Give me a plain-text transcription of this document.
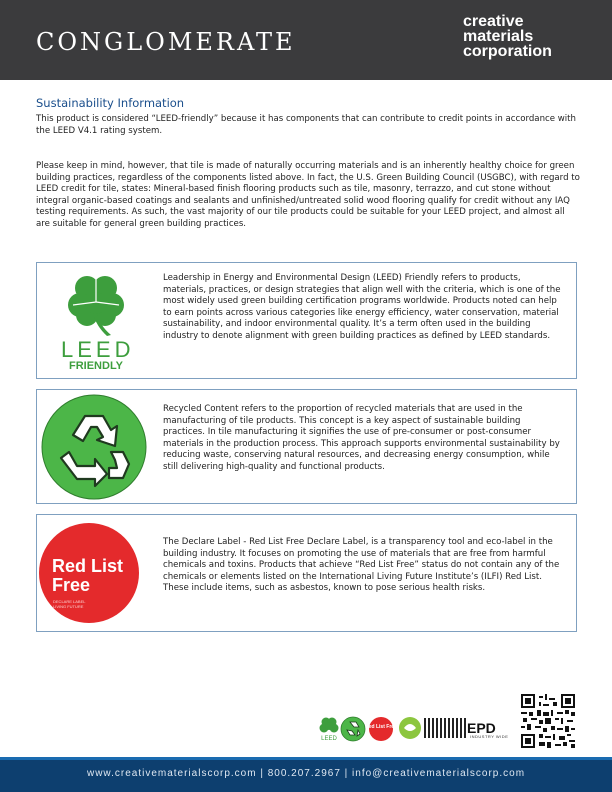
CONGLOMERATE
creative
materials
corporation
Sustainability Information
This product is considered “LEED-friendly” because it has components that can contribute to credit points in accordance with the LEED V4.1 rating system.
Please keep in mind, however, that tile is made of naturally occurring materials and is an inherently healthy choice for green building practices, regardless of the components listed above. In fact, the U.S. Green Building Council (USGBC), with regard to LEED credit for tile, states: Mineral-based finish flooring products such as tile, masonry, terrazzo, and cut stone without integral organic-based coatings and sealants and unfinished/untreated solid wood flooring qualify for credit without any IAQ testing requirements. As such, the vast majority of our tile products could be suitable for your LEED project, and almost all are suitable for general green building practices.
LEED
FRIENDLY
Leadership in Energy and Environmental Design (LEED) Friendly refers to products, materials, practices, or design strategies that align well with the criteria, which is one of the most widely used green building certification programs worldwide. Products noted can help to earn points across various categories like energy efficiency, water conservation, material sustainability, and indoor environmental quality. It’s a term often used in the building industry to denote alignment with green building practices as defined by LEED standards.
Recycled Content refers to the proportion of recycled materials that are used in the manufacturing of tile products. This concept is a key aspect of sustainable building practices. In tile manufacturing it signifies the use of pre-consumer or post-consumer materials in the production process. This approach supports environmental sustainability by reducing waste, conserving natural resources, and decreasing energy consumption, while still delivering high-quality and functional products.
Red List
Free
DECLARE LABEL
LIVING FUTURE
The Declare Label - Red List Free Declare Label, is a transparency tool and eco-label in the building industry. It focuses on promoting the use of materials that are free from harmful chemicals and toxins. Products that achieve “Red List Free” status do not contain any of the chemicals or elements listed on the International Living Future Institute’s (ILFI) Red List. These include items, such as asbestos, known to pose serious health risks.
LEED
Red List Free	EPD
INDUSTRY WIDE
www.creativematerialscorp.com | 800.207.2967 | info@creativematerialscorp.com
